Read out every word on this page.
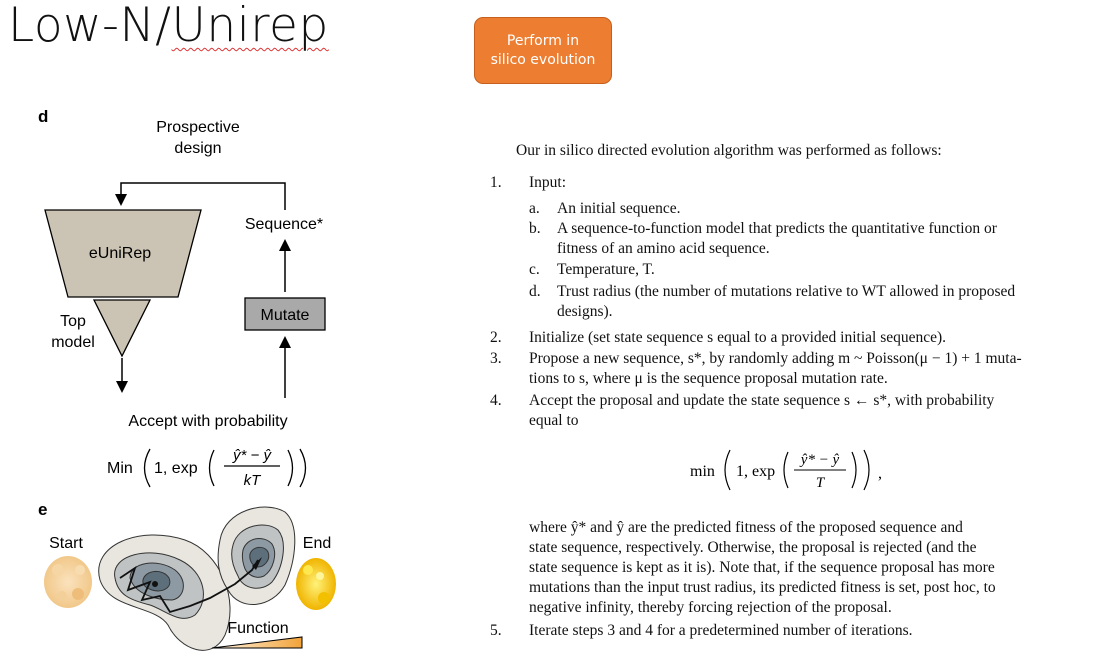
Low-N/Unirep	Perform in
silico evolution
d
Prospective
design
eUniRep
Top
model
Sequence*
Mutate
Accept with probability
Min 1, exp
ŷ* − ŷ
kT
e
Start	End
Function
Our in silico directed evolution algorithm was performed as follows:
1. Input:
a. An initial sequence.
b. A sequence-to-function model that predicts the quantitative function or
fitness of an amino acid sequence.
c. Temperature, T.
d. Trust radius (the number of mutations relative to WT allowed in proposed
designs).
2. Initialize (set state sequence s equal to a provided initial sequence).
3. Propose a new sequence, s*, by randomly adding m ~ Poisson(μ − 1) + 1 muta-
tions to s, where μ is the sequence proposal mutation rate.
4. Accept the proposal and update the state sequence s ← s*, with probability
equal to
min 1, exp
ŷ* − ŷ
T
,
where ŷ* and ŷ are the predicted fitness of the proposed sequence and
state sequence, respectively. Otherwise, the proposal is rejected (and the
state sequence is kept as it is). Note that, if the sequence proposal has more
mutations than the input trust radius, its predicted fitness is set, post hoc, to
negative infinity, thereby forcing rejection of the proposal.
5. Iterate steps 3 and 4 for a predetermined number of iterations.
